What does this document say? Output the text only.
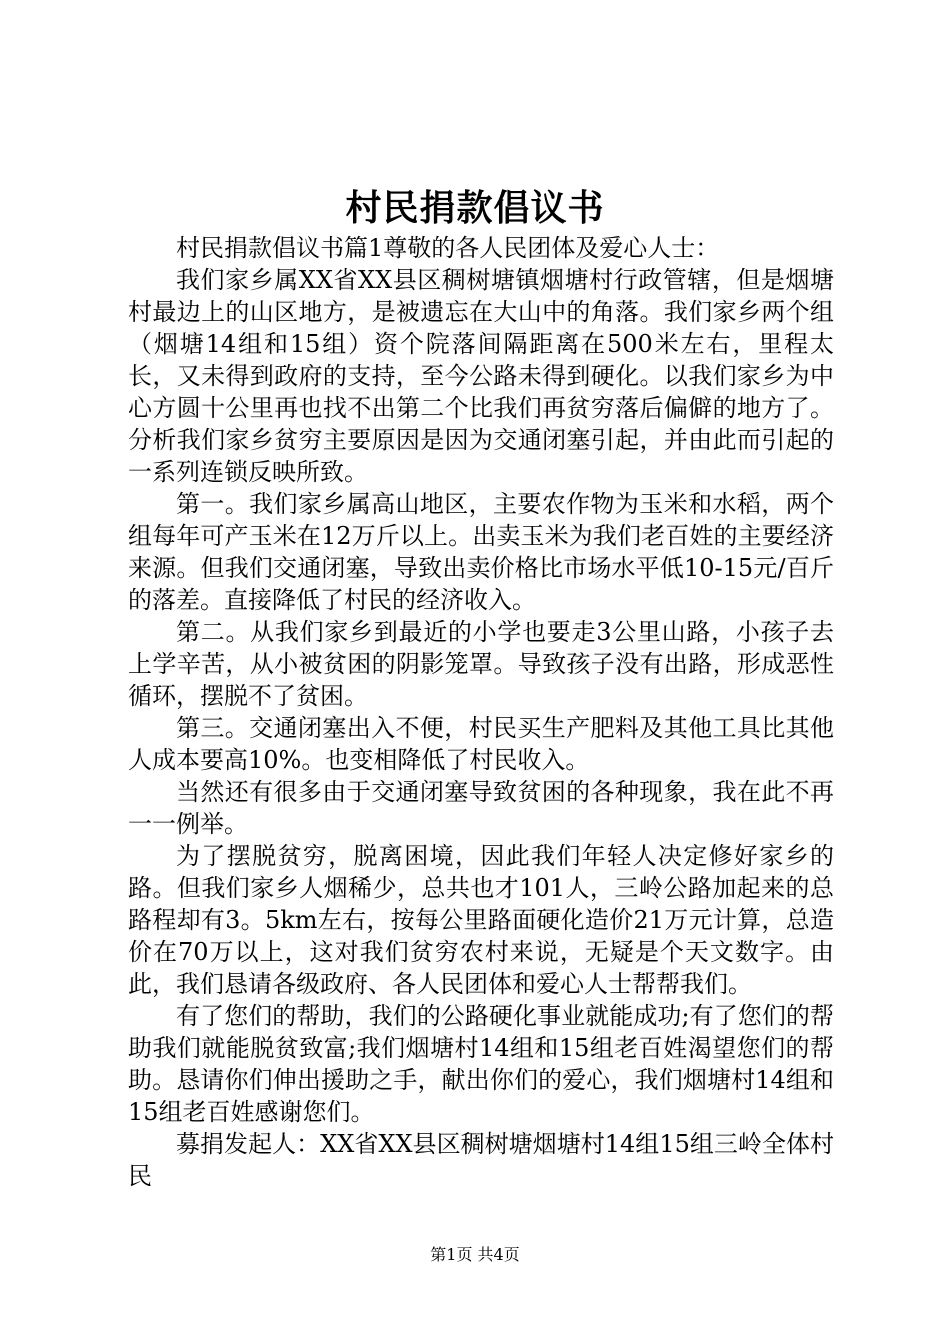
村民捐款倡议书

村民捐款倡议书篇1尊敬的各人民团体及爱心人士：

我们家乡属XX省XX县区稠树塘镇烟塘村行政管辖，但是烟塘村最边上的山区地方，是被遗忘在大山中的角落。我们家乡两个组（烟塘14组和15组）资个院落间隔距离在500米左右，里程太长，又未得到政府的支持，至今公路未得到硬化。以我们家乡为中心方圆十公里再也找不出第二个比我们再贫穷落后偏僻的地方了。分析我们家乡贫穷主要原因是因为交通闭塞引起，并由此而引起的一系列连锁反映所致。

第一。我们家乡属高山地区，主要农作物为玉米和水稻，两个组每年可产玉米在12万斤以上。出卖玉米为我们老百姓的主要经济来源。但我们交通闭塞，导致出卖价格比市场水平低10-15元/百斤的落差。直接降低了村民的经济收入。

第二。从我们家乡到最近的小学也要走3公里山路，小孩子去上学辛苦，从小被贫困的阴影笼罩。导致孩子没有出路，形成恶性循环，摆脱不了贫困。

第三。交通闭塞出入不便，村民买生产肥料及其他工具比其他人成本要高10%。也变相降低了村民收入。

当然还有很多由于交通闭塞导致贫困的各种现象，我在此不再一一例举。

为了摆脱贫穷，脱离困境，因此我们年轻人决定修好家乡的路。但我们家乡人烟稀少，总共也才101人，三岭公路加起来的总路程却有3。5km左右，按每公里路面硬化造价21万元计算，总造价在70万以上，这对我们贫穷农村来说，无疑是个天文数字。由此，我们恳请各级政府、各人民团体和爱心人士帮帮我们。

有了您们的帮助，我们的公路硬化事业就能成功;有了您们的帮助我们就能脱贫致富;我们烟塘村14组和15组老百姓渴望您们的帮助。恳请你们伸出援助之手，献出你们的爱心，我们烟塘村14组和15组老百姓感谢您们。

募捐发起人：XX省XX县区稠树塘烟塘村14组15组三岭全体村民

第1页 共4页
